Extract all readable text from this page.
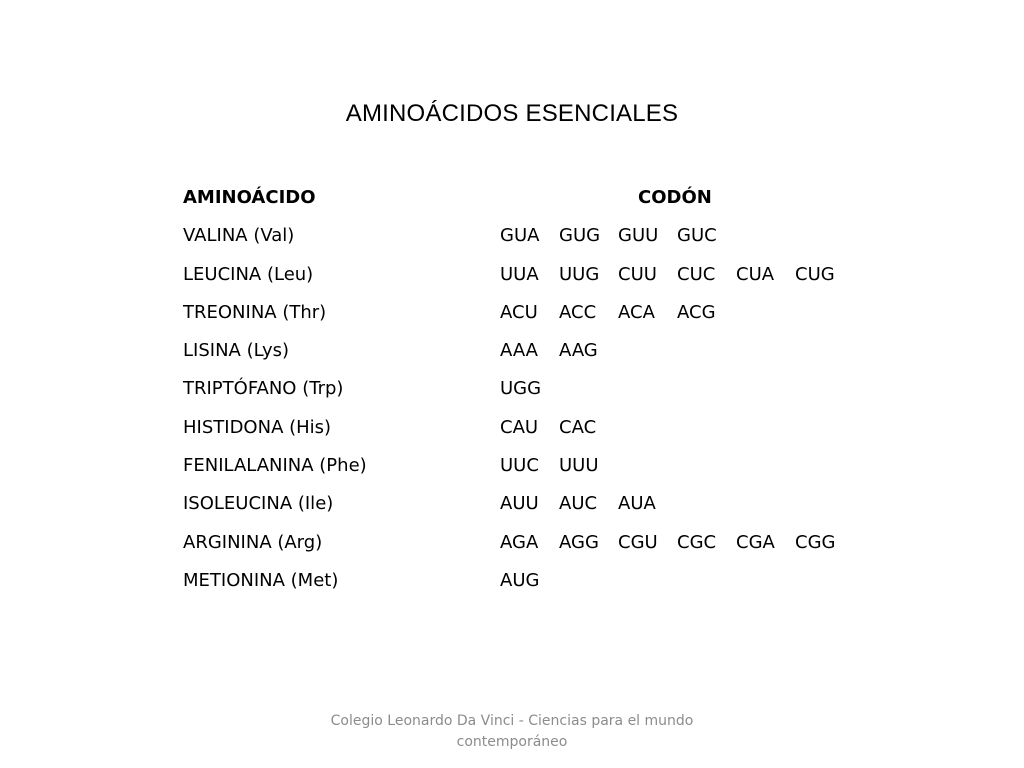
AMINOÁCIDOS ESENCIALES
AMINOÁCIDO	CODÓN
VALINA (Val)	GUA GUG GUU GUC
LEUCINA (Leu)	UUA UUG CUU CUC CUA CUG
TREONINA (Thr)	ACU ACC ACA ACG
LISINA (Lys)	AAA AAG
TRIPTÓFANO (Trp)	UGG
HISTIDONA (His)	CAU CAC
FENILALANINA (Phe)	UUC UUU
ISOLEUCINA (Ile)	AUU AUC AUA
ARGININA (Arg)	AGA AGG CGU CGC CGA CGG
METIONINA (Met)	AUG
Colegio Leonardo Da Vinci - Ciencias para el mundo contemporáneo
